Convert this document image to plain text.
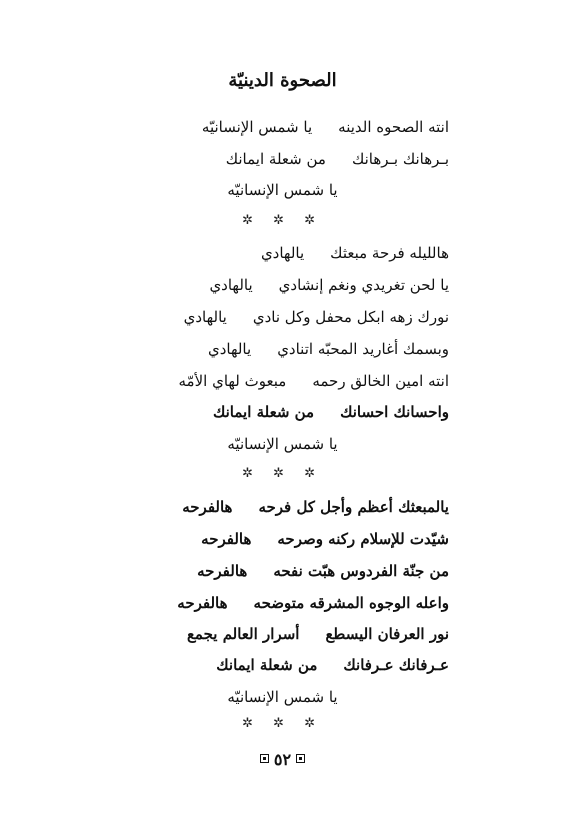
الصحوة الدينيّة
انته الصحوه الدينهيا شمس الإنسانيّه
بـرهانك بـرهانكمن شعلة ايمانك
يا شمس الإنسانيّه
✲ ✲ ✲
هالليله فرحة مبعثكيالهادي
يا لحن تغريدي ونغم إنشادييالهادي
نورك زهه ابكل محفل وكل نادييالهادي
وبسمك أغاريد المحبّه اتنادييالهادي
انته امين الخالق رحمهمبعوث لهاي الأمّه
واحسانك احسانكمن شعلة ايمانك
يا شمس الإنسانيّه
✲ ✲ ✲
يالمبعثك أعظم وأجل كل فرحههالفرحه
شيّدت للإسلام ركنه وصرحههالفرحه
من جنّة الفردوس هبّت نفحههالفرحه
واعله الوجوه المشرقه متوضحههالفرحه
نور العرفان اليسطعأسرار العالم يجمع
عـرفانك عـرفانكمن شعلة ايمانك
يا شمس الإنسانيّه
✲ ✲ ✲
٥٢
